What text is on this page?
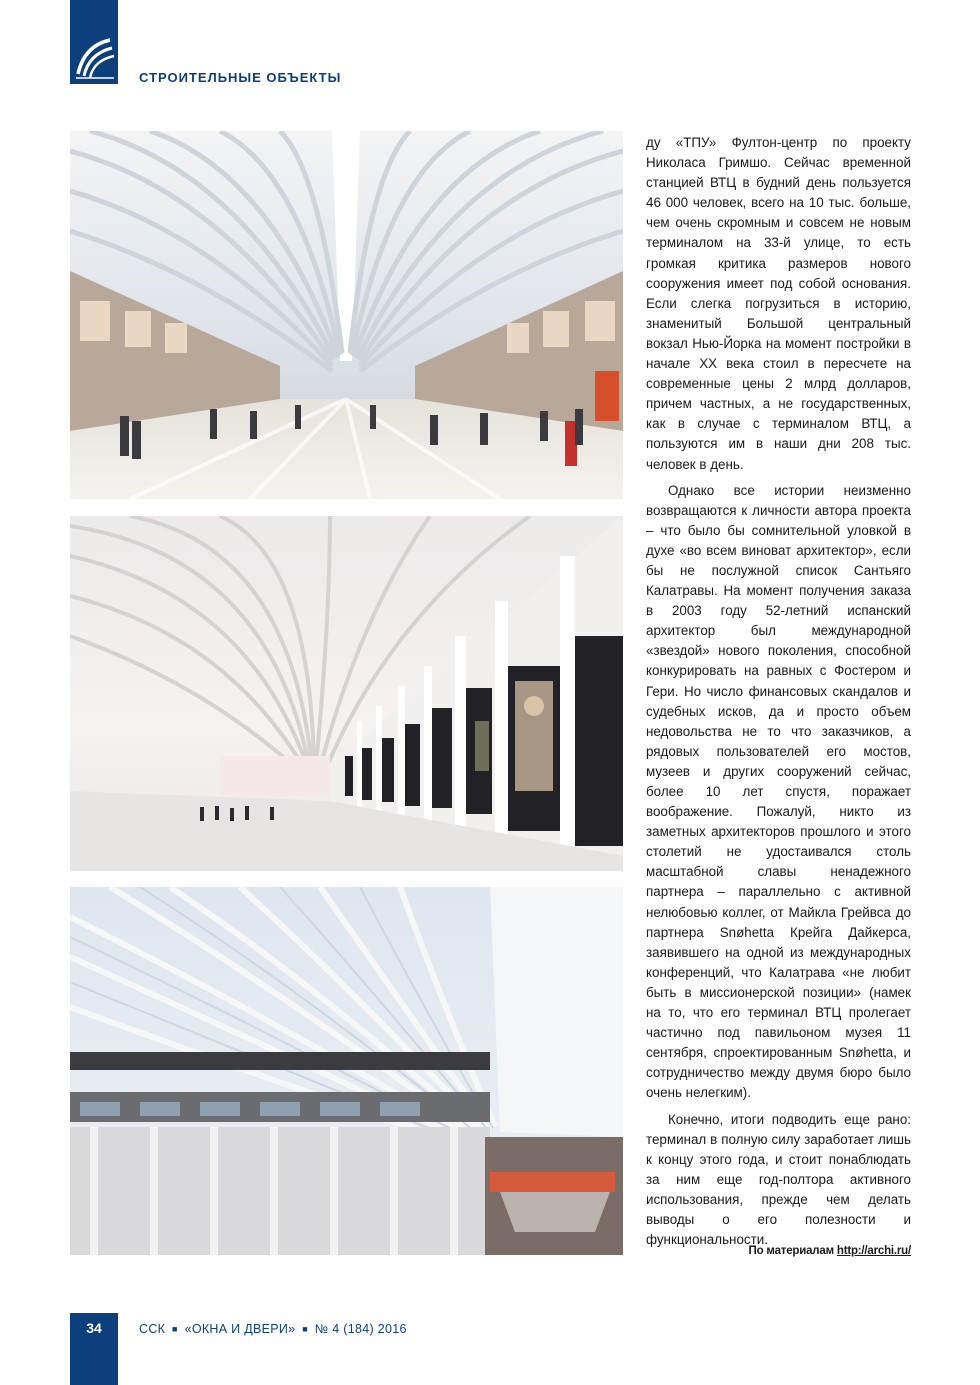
СТРОИТЕЛЬНЫЕ ОБЪЕКТЫ

ду «ТПУ» Фултон-центр по проекту Николаса Гримшо. Сейчас временной станцией ВТЦ в будний день пользуется 46 000 человек, всего на 10 тыс. больше, чем очень скромным и совсем не новым терминалом на 33-й улице, то есть громкая критика размеров нового сооружения имеет под собой основания. Если слегка погрузиться в историю, знаменитый Большой центральный вокзал Нью-Йорка на момент постройки в начале XX века стоил в пересчете на современные цены 2 млрд долларов, причем частных, а не государственных, как в случае с терминалом ВТЦ, а пользуются им в наши дни 208 тыс. человек в день.

Однако все истории неизменно возвращаются к личности автора проекта – что было бы сомнительной уловкой в духе «во всем виноват архитектор», если бы не послужной список Сантьяго Калатравы. На момент получения заказа в 2003 году 52-летний испанский архитектор был международной «звездой» нового поколения, способной конкурировать на равных с Фостером и Гери. Но число финансовых скандалов и судебных исков, да и просто объем недовольства не то что заказчиков, а рядовых пользователей его мостов, музеев и других сооружений сейчас, более 10 лет спустя, поражает воображение. Пожалуй, никто из заметных архитекторов прошлого и этого столетий не удостаивался столь масштабной славы ненадежного партнера – параллельно с активной нелюбовью коллег, от Майкла Грейвса до партнера Snøhetta Крейга Дайкерса, заявившего на одной из международных конференций, что Калатрава «не любит быть в миссионерской позиции» (намек на то, что его терминал ВТЦ пролегает частично под павильоном музея 11 сентября, спроектированным Snøhetta, и сотрудничество между двумя бюро было очень нелегким).

Конечно, итоги подводить еще рано: терминал в полную силу заработает лишь к концу этого года, и стоит понаблюдать за ним еще год-полтора активного использования, прежде чем делать выводы о его полезности и функциональности.

По материалам http://archi.ru/
34	ССК ■ «ОКНА И ДВЕРИ» ■ № 4 (184) 2016
